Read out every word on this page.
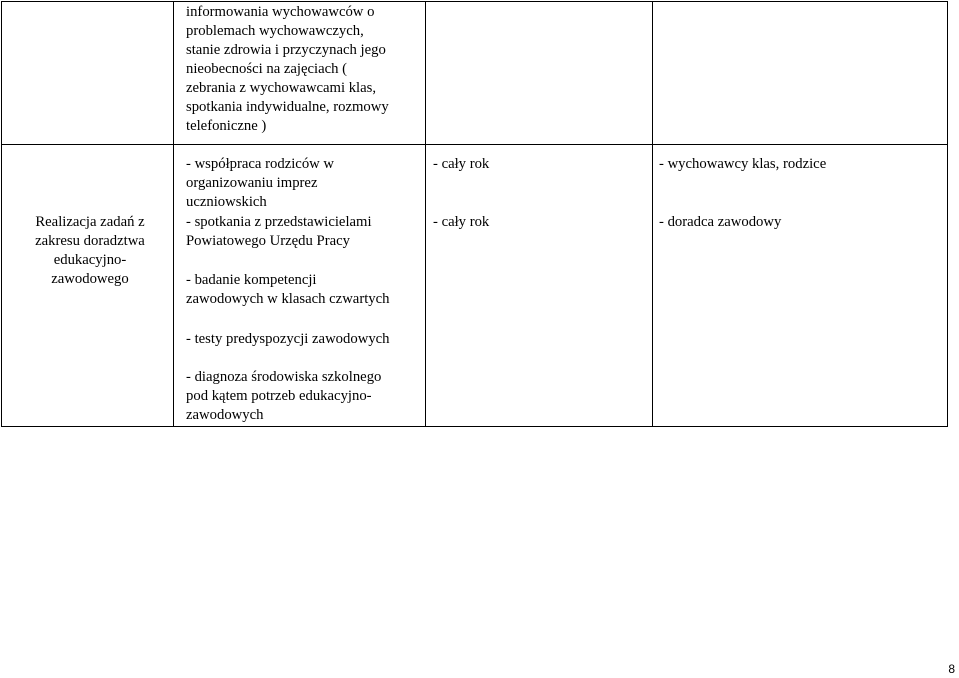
informowania wychowawców o
problemach wychowawczych,
stanie zdrowia i przyczynach jego
nieobecności na zajęciach (
zebrania z wychowawcami klas,
spotkania indywidualne, rozmowy
telefoniczne )
Realizacja zadań z
zakresu doradztwa
edukacyjno-
zawodowego
- współpraca rodziców w
organizowaniu imprez
uczniowskich
- spotkania z przedstawicielami
Powiatowego Urzędu Pracy
- badanie kompetencji
zawodowych w klasach czwartych
- testy predyspozycji zawodowych
- diagnoza środowiska szkolnego
pod kątem potrzeb edukacyjno-
zawodowych
- cały rok
- cały rok
- wychowawcy klas, rodzice
- doradca zawodowy
8
